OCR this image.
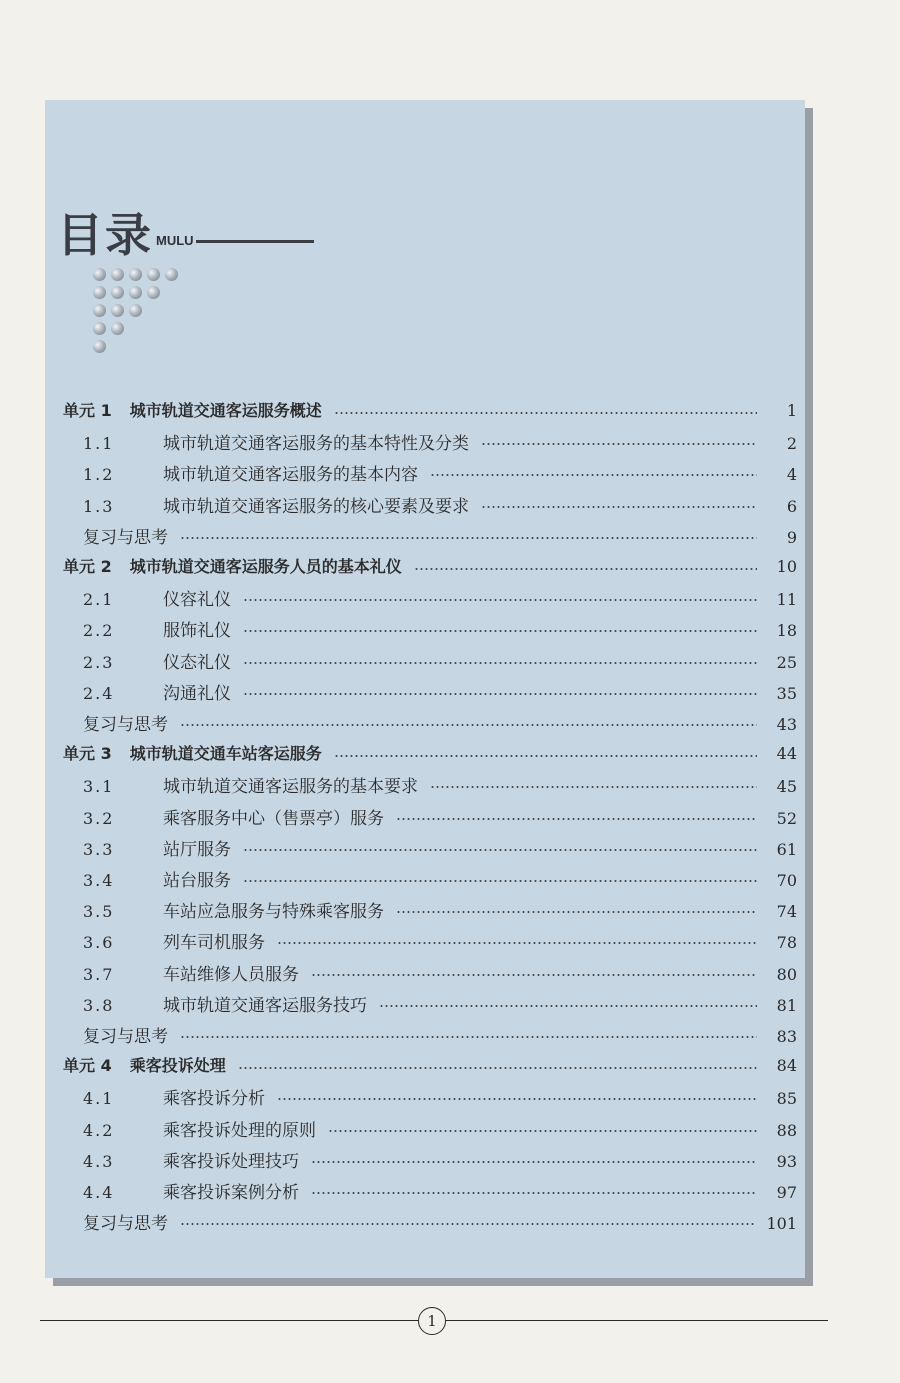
目录 MULU
单元 1 城市轨道交通客运服务概述	1
1.1	城市轨道交通客运服务的基本特性及分类	2
1.2	城市轨道交通客运服务的基本内容	4
1.3	城市轨道交通客运服务的核心要素及要求	6
复习与思考	9
单元 2 城市轨道交通客运服务人员的基本礼仪	10
2.1	仪容礼仪	11
2.2	服饰礼仪	18
2.3	仪态礼仪	25
2.4	沟通礼仪	35
复习与思考	43
单元 3 城市轨道交通车站客运服务	44
3.1	城市轨道交通客运服务的基本要求	45
3.2	乘客服务中心（售票亭）服务	52
3.3	站厅服务	61
3.4	站台服务	70
3.5	车站应急服务与特殊乘客服务	74
3.6	列车司机服务	78
3.7	车站维修人员服务	80
3.8	城市轨道交通客运服务技巧	81
复习与思考	83
单元 4 乘客投诉处理	84
4.1	乘客投诉分析	85
4.2	乘客投诉处理的原则	88
4.3	乘客投诉处理技巧	93
4.4	乘客投诉案例分析	97
复习与思考	101
1
